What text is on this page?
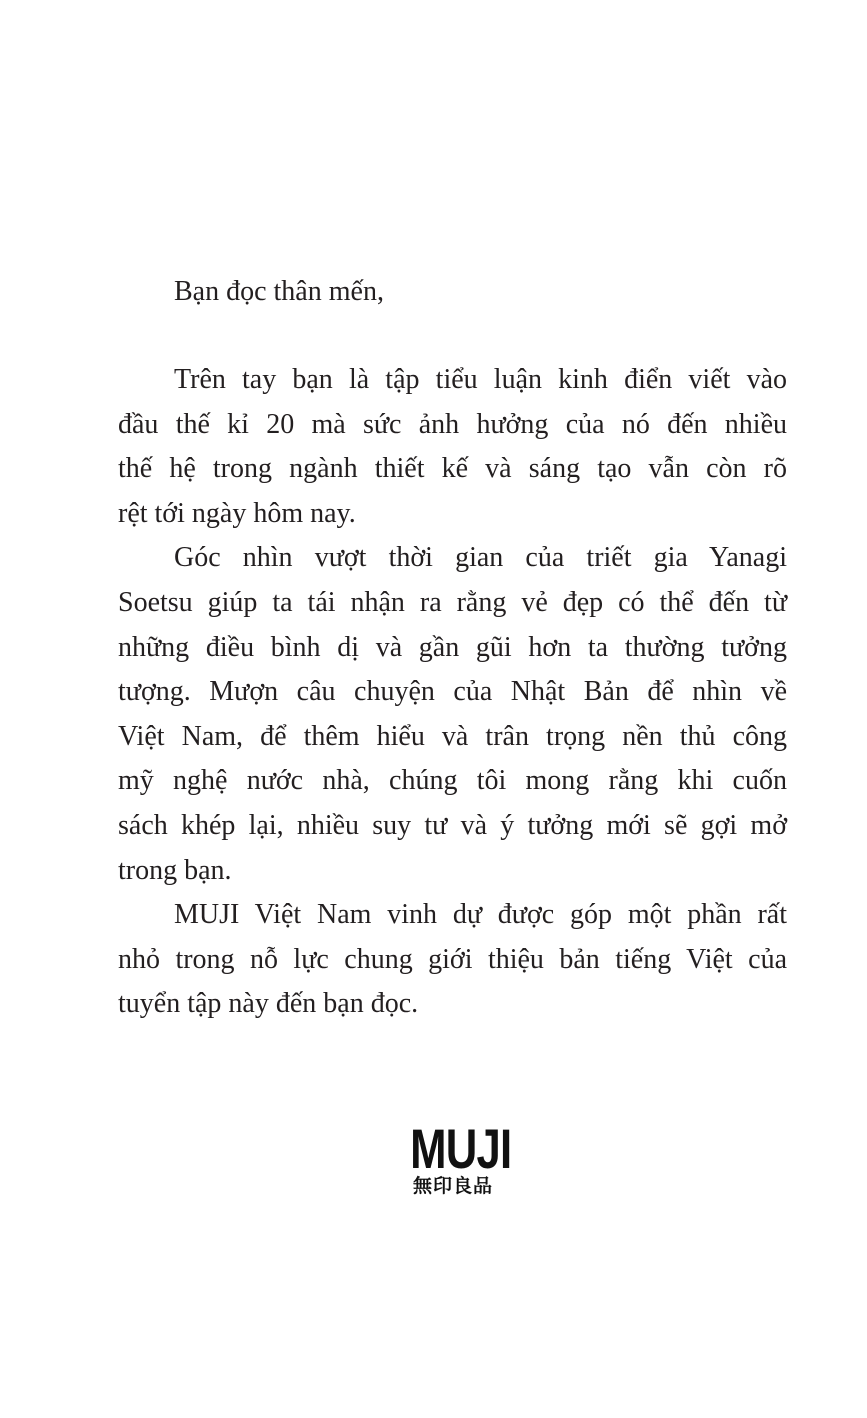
Bạn đọc thân mến,
Trên tay bạn là tập tiểu luận kinh điển viết vào
đầu thế kỉ 20 mà sức ảnh hưởng của nó đến nhiều
thế hệ trong ngành thiết kế và sáng tạo vẫn còn rõ
rệt tới ngày hôm nay.
Góc nhìn vượt thời gian của triết gia Yanagi
Soetsu giúp ta tái nhận ra rằng vẻ đẹp có thể đến từ
những điều bình dị và gần gũi hơn ta thường tưởng
tượng. Mượn câu chuyện của Nhật Bản để nhìn về
Việt Nam, để thêm hiểu và trân trọng nền thủ công
mỹ nghệ nước nhà, chúng tôi mong rằng khi cuốn
sách khép lại, nhiều suy tư và ý tưởng mới sẽ gợi mở
trong bạn.
MUJI Việt Nam vinh dự được góp một phần rất
nhỏ trong nỗ lực chung giới thiệu bản tiếng Việt của
tuyển tập này đến bạn đọc.
MUJI
無印良品
